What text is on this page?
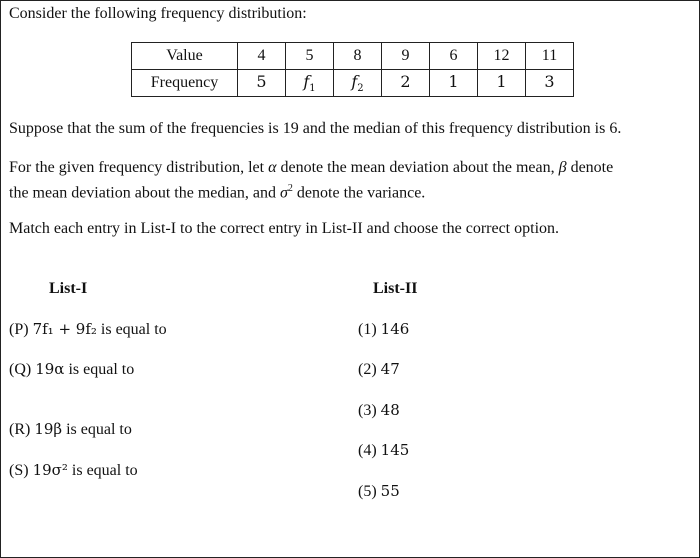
Consider the following frequency distribution:
Value	4	5	8	9	6	12	11
Frequency	5	$f_1$	$f_2$	2	1	1	3
Suppose that the sum of the frequencies is 19 and the median of this frequency distribution is 6.
For the given frequency distribution, let α denote the mean deviation about the mean, β denote
the mean deviation about the median, and $\sigma^2$ denote the variance.
Match each entry in List-I to the correct entry in List-II and choose the correct option.
List-I	List-II
(P) 7f₁ + 9f₂ is equal to
(Q) 19α is equal to
(R) 19β is equal to
(S) 19σ² is equal to
(1) 146
(2) 47
(3) 48
(4) 145
(5) 55
